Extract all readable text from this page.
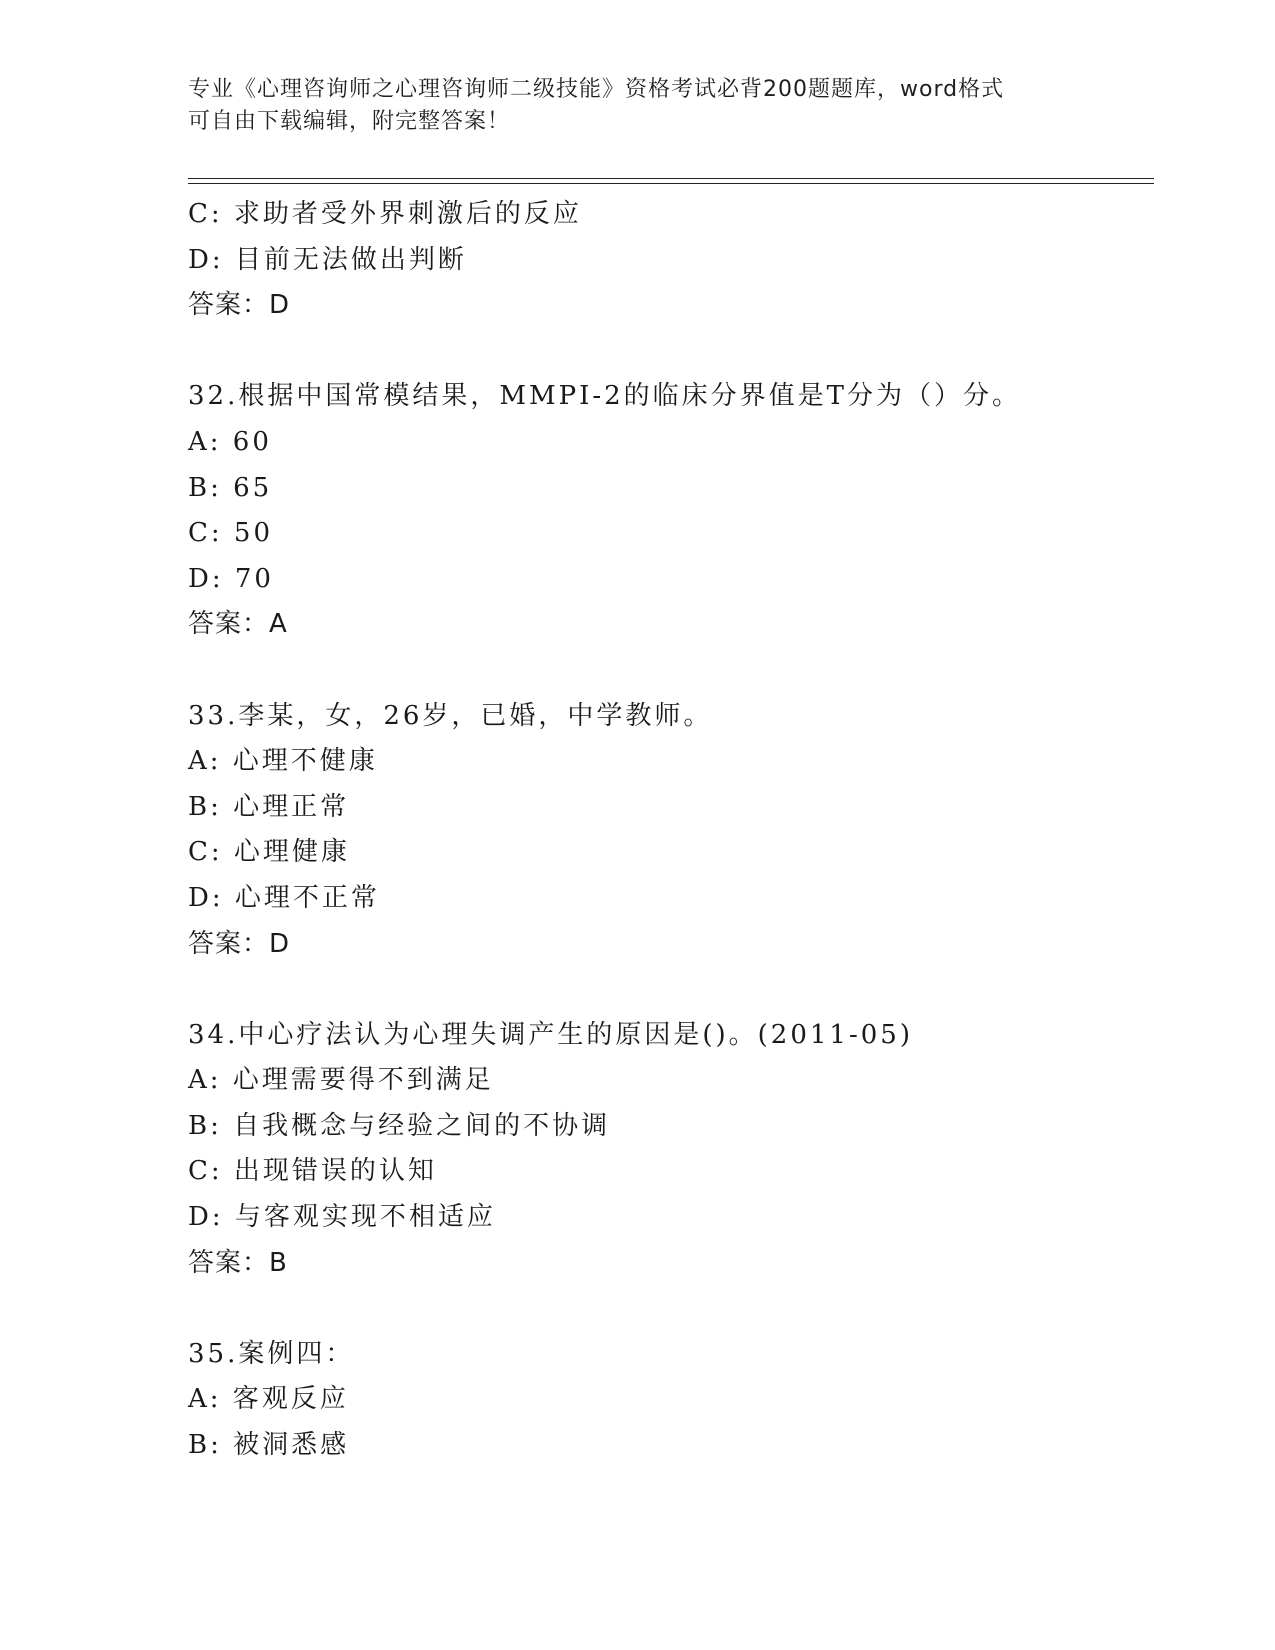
专业《心理咨询师之心理咨询师二级技能》资格考试必背200题题库，word格式
可自由下载编辑，附完整答案！
C: 求助者受外界刺激后的反应
D: 目前无法做出判断
答案：D
32.根据中国常模结果，MMPI-2的临床分界值是T分为（）分。
A: 60
B: 65
C: 50
D: 70
答案：A
33.李某，女，26岁，已婚，中学教师。
A: 心理不健康
B: 心理正常
C: 心理健康
D: 心理不正常
答案：D
34.中心疗法认为心理失调产生的原因是()。(2011-05)
A: 心理需要得不到满足
B: 自我概念与经验之间的不协调
C: 出现错误的认知
D: 与客观实现不相适应
答案：B
35.案例四：
A: 客观反应
B: 被洞悉感
